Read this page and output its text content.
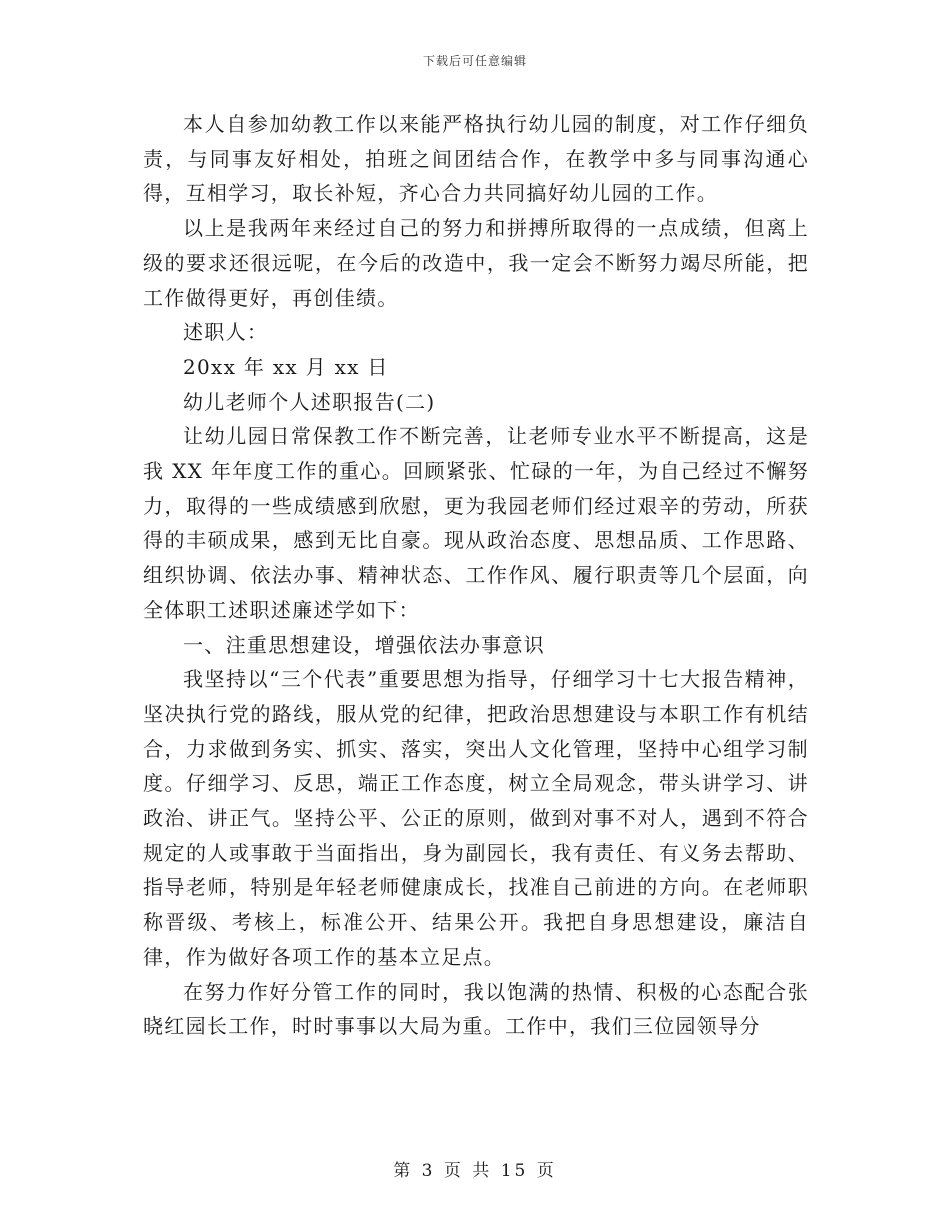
下载后可任意编辑

本人自参加幼教工作以来能严格执行幼儿园的制度，对工作仔细负责，与同事友好相处，拍班之间团结合作，在教学中多与同事沟通心得，互相学习，取长补短，齐心合力共同搞好幼儿园的工作。

以上是我两年来经过自己的努力和拼搏所取得的一点成绩，但离上级的要求还很远呢，在今后的改造中，我一定会不断努力竭尽所能，把工作做得更好，再创佳绩。

述职人：

20xx 年 xx 月 xx 日

幼儿老师个人述职报告(二)

让幼儿园日常保教工作不断完善，让老师专业水平不断提高，这是我 XX 年年度工作的重心。回顾紧张、忙碌的一年，为自己经过不懈努力，取得的一些成绩感到欣慰，更为我园老师们经过艰辛的劳动，所获得的丰硕成果，感到无比自豪。现从政治态度、思想品质、工作思路、组织协调、依法办事、精神状态、工作作风、履行职责等几个层面，向全体职工述职述廉述学如下：

一、注重思想建设，增强依法办事意识

我坚持以“三个代表”重要思想为指导，仔细学习十七大报告精神，坚决执行党的路线，服从党的纪律，把政治思想建设与本职工作有机结合，力求做到务实、抓实、落实，突出人文化管理，坚持中心组学习制度。仔细学习、反思，端正工作态度，树立全局观念，带头讲学习、讲政治、讲正气。坚持公平、公正的原则，做到对事不对人，遇到不符合规定的人或事敢于当面指出，身为副园长，我有责任、有义务去帮助、指导老师，特别是年轻老师健康成长，找准自己前进的方向。在老师职称晋级、考核上，标准公开、结果公开。我把自身思想建设，廉洁自律，作为做好各项工作的基本立足点。

在努力作好分管工作的同时，我以饱满的热情、积极的心态配合张晓红园长工作，时时事事以大局为重。工作中，我们三位园领导分

第 3 页 共 15 页
